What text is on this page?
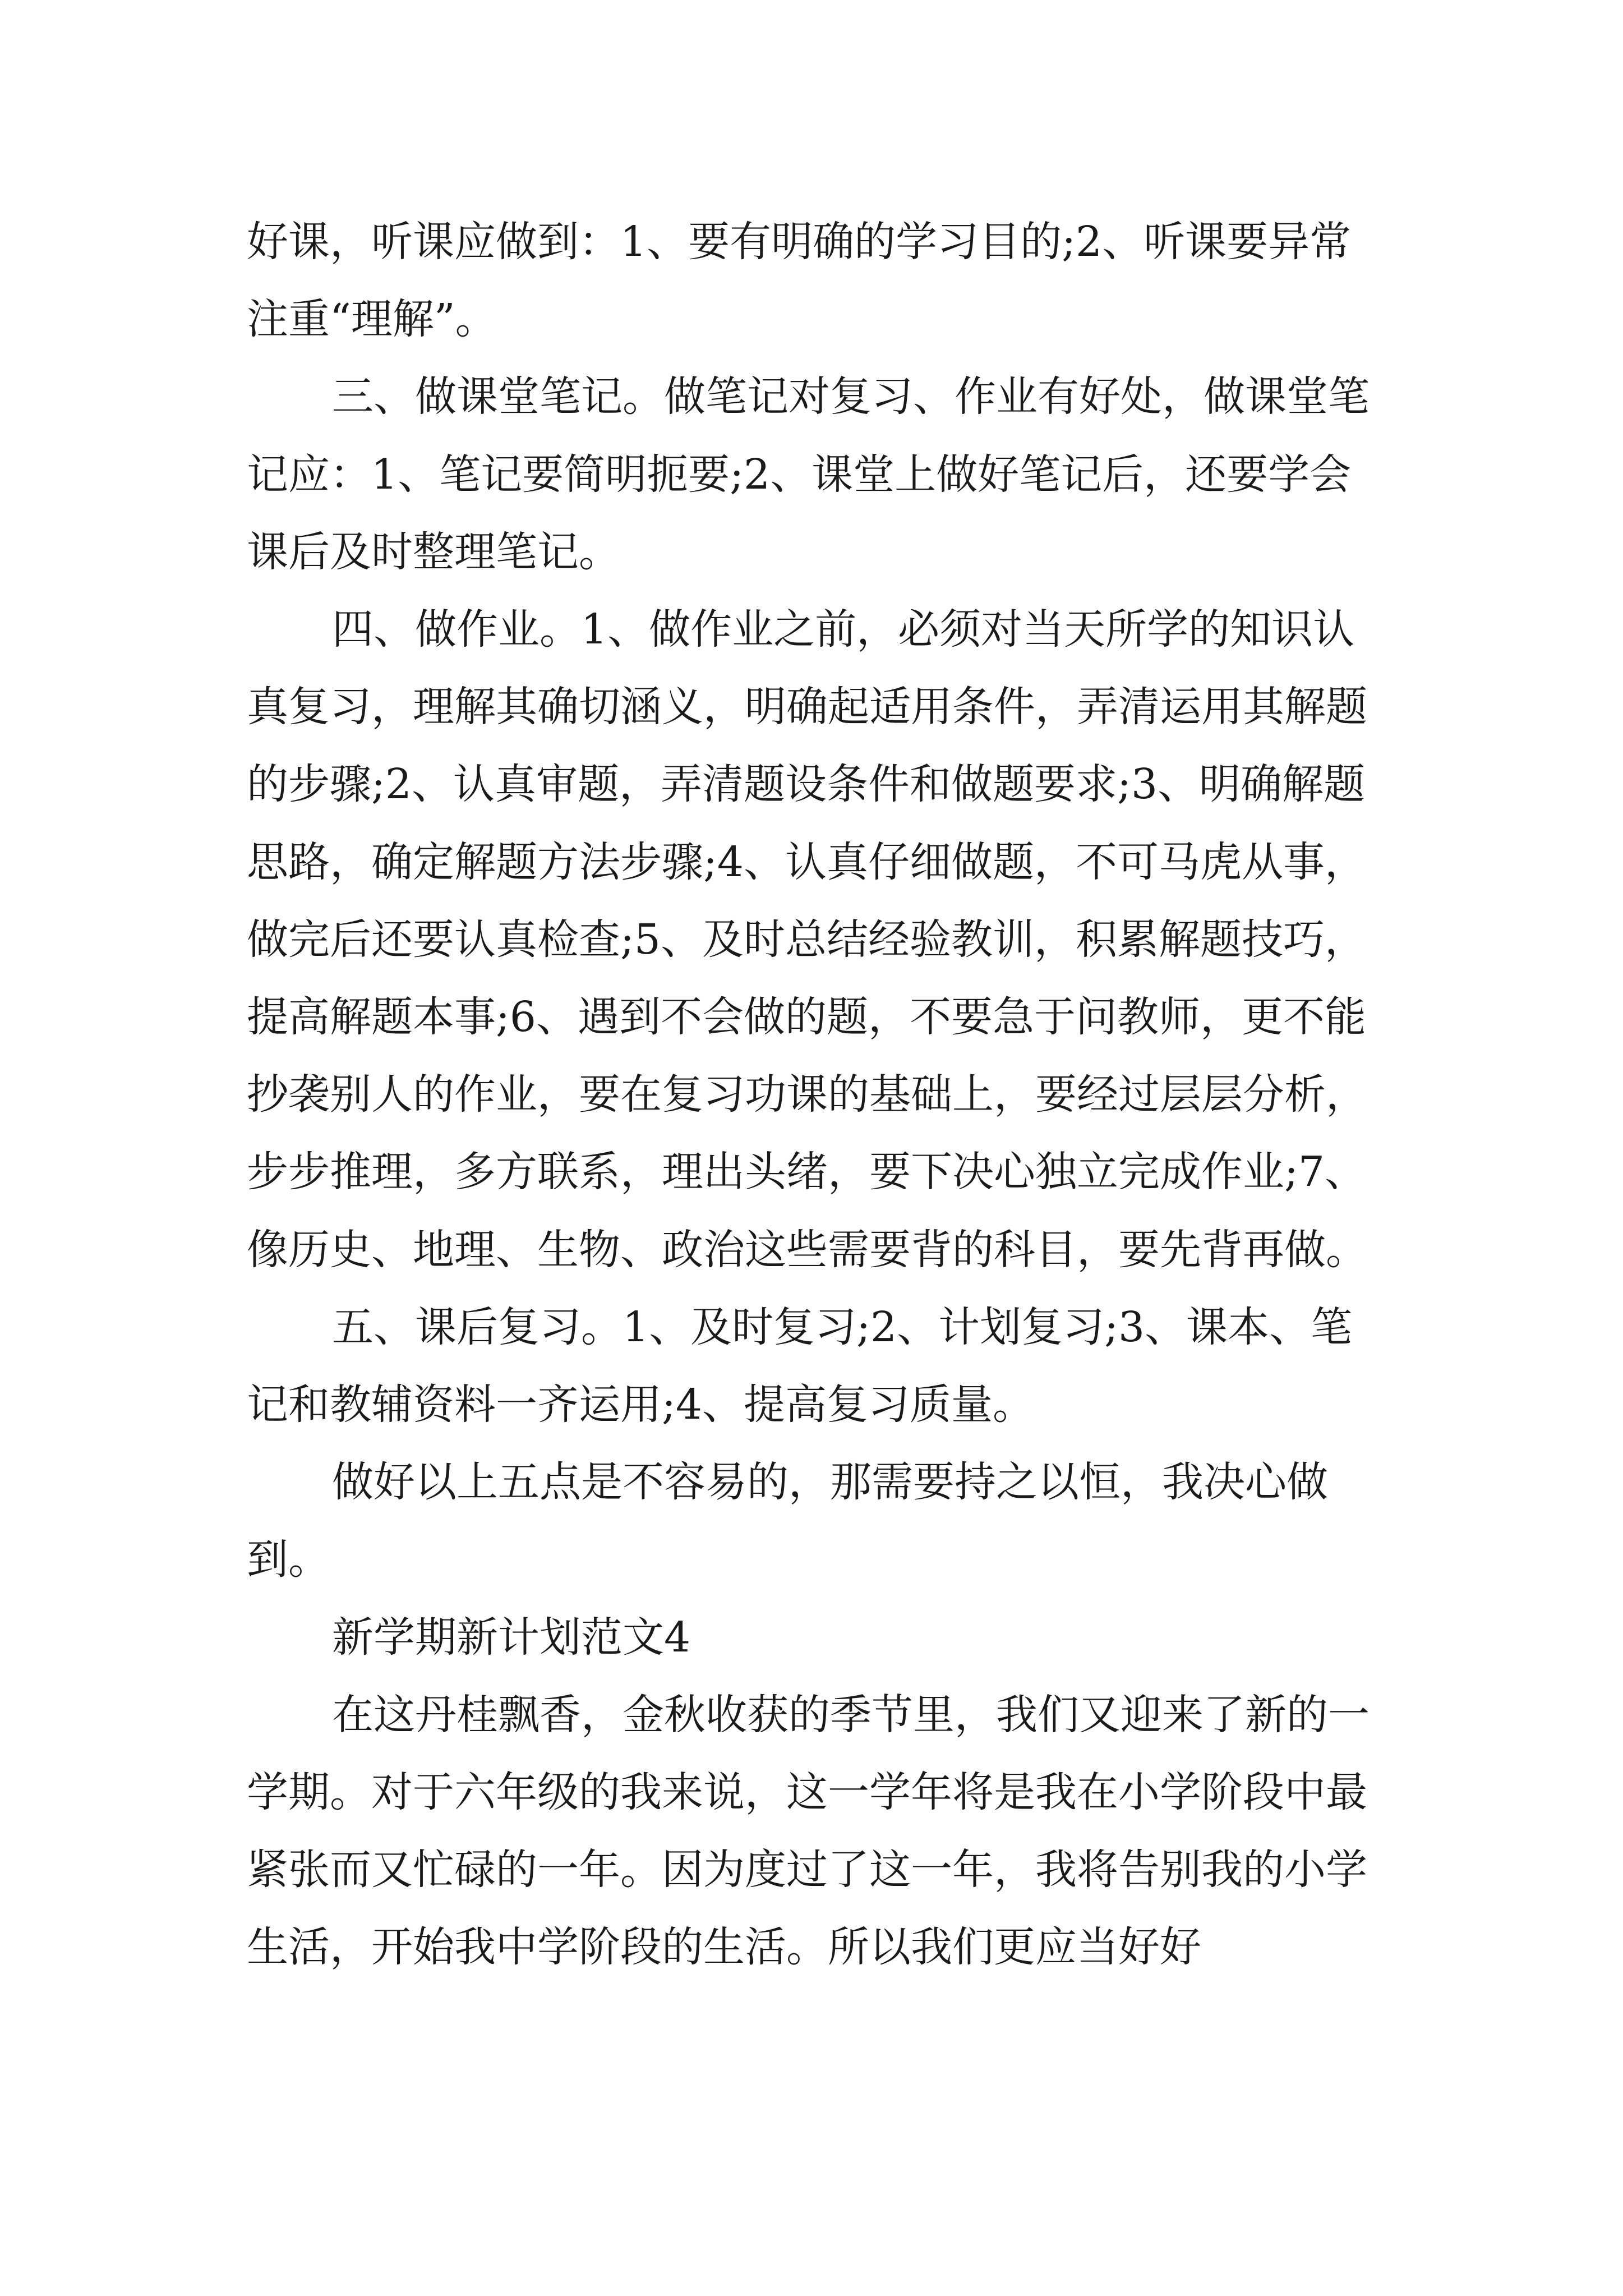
好课，听课应做到：1、要有明确的学习目的;2、听课要异常注重“理解”。

三、做课堂笔记。做笔记对复习、作业有好处，做课堂笔记应：1、笔记要简明扼要;2、课堂上做好笔记后，还要学会课后及时整理笔记。

四、做作业。1、做作业之前，必须对当天所学的知识认真复习，理解其确切涵义，明确起适用条件，弄清运用其解题的步骤;2、认真审题，弄清题设条件和做题要求;3、明确解题思路，确定解题方法步骤;4、认真仔细做题，不可马虎从事，做完后还要认真检查;5、及时总结经验教训，积累解题技巧，提高解题本事;6、遇到不会做的题，不要急于问教师，更不能抄袭别人的作业，要在复习功课的基础上，要经过层层分析，步步推理，多方联系，理出头绪，要下决心独立完成作业;7、像历史、地理、生物、政治这些需要背的科目，要先背再做。

五、课后复习。1、及时复习;2、计划复习;3、课本、笔记和教辅资料一齐运用;4、提高复习质量。

做好以上五点是不容易的，那需要持之以恒，我决心做到。

新学期新计划范文4

在这丹桂飘香，金秋收获的季节里，我们又迎来了新的一学期。对于六年级的我来说，这一学年将是我在小学阶段中最紧张而又忙碌的一年。因为度过了这一年，我将告别我的小学生活，开始我中学阶段的生活。所以我们更应当好好
